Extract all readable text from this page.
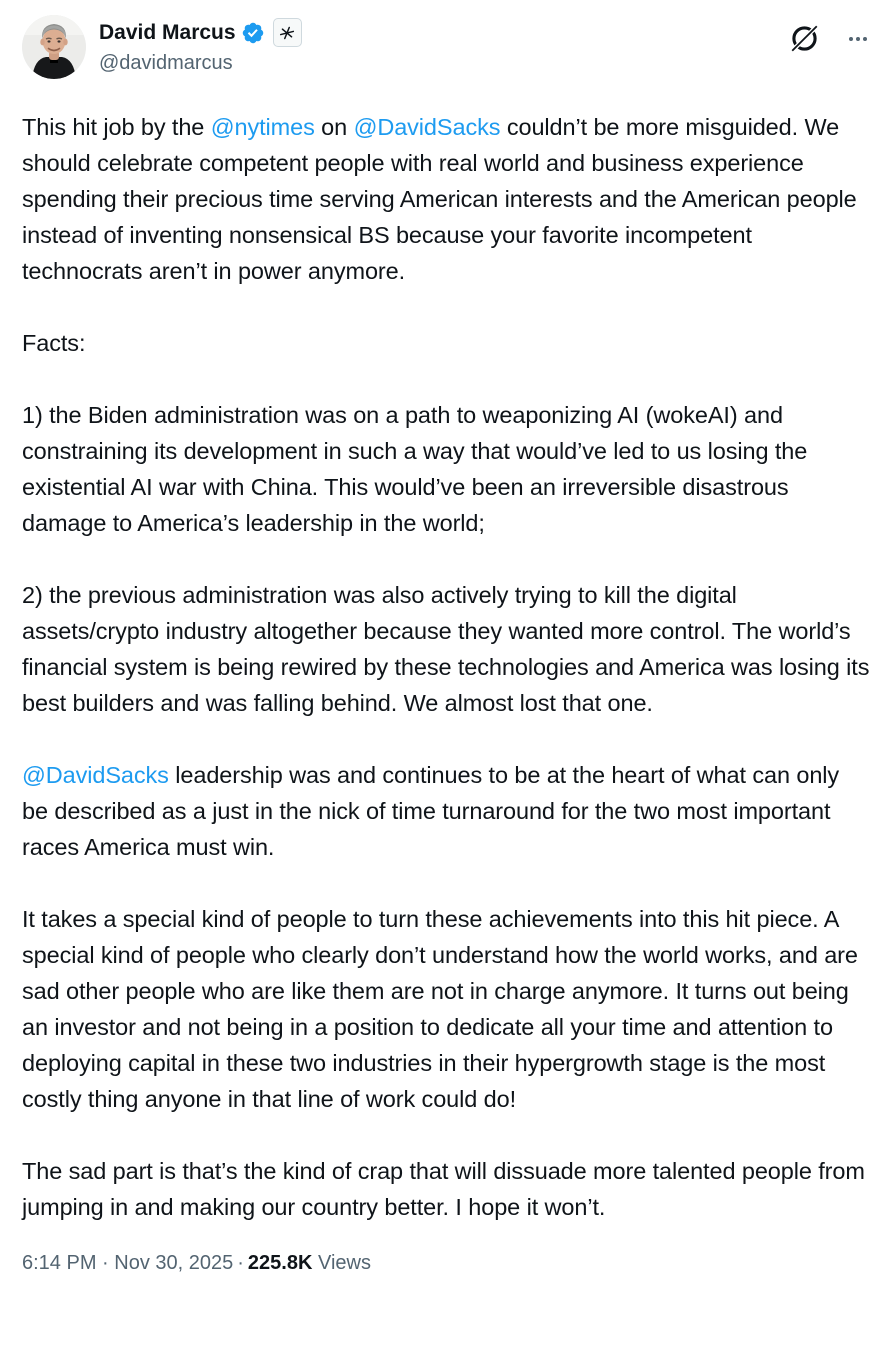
David Marcus
@davidmarcus
This hit job by the @nytimes on @DavidSacks couldn’t be more misguided. We should celebrate competent people with real world and business experience spending their precious time serving American interests and the American people instead of inventing nonsensical BS because your favorite incompetent technocrats aren’t in power anymore.
Facts:
1) the Biden administration was on a path to weaponizing AI (wokeAI) and constraining its development in such a way that would’ve led to us losing the existential AI war with China. This would’ve been an irreversible disastrous damage to America’s leadership in the world;
2) the previous administration was also actively trying to kill the digital assets/crypto industry altogether because they wanted more control. The world’s financial system is being rewired by these technologies and America was losing its best builders and was falling behind. We almost lost that one.
@DavidSacks leadership was and continues to be at the heart of what can only be described as a just in the nick of time turnaround for the two most important races America must win.
It takes a special kind of people to turn these achievements into this hit piece. A special kind of people who clearly don’t understand how the world works, and are sad other people who are like them are not in charge anymore. It turns out being an investor and not being in a position to dedicate all your time and attention to deploying capital in these two industries in their hypergrowth stage is the most costly thing anyone in that line of work could do!
The sad part is that’s the kind of crap that will dissuade more talented people from jumping in and making our country better. I hope it won’t.
6:14 PM · Nov 30, 2025 · 225.8K Views
